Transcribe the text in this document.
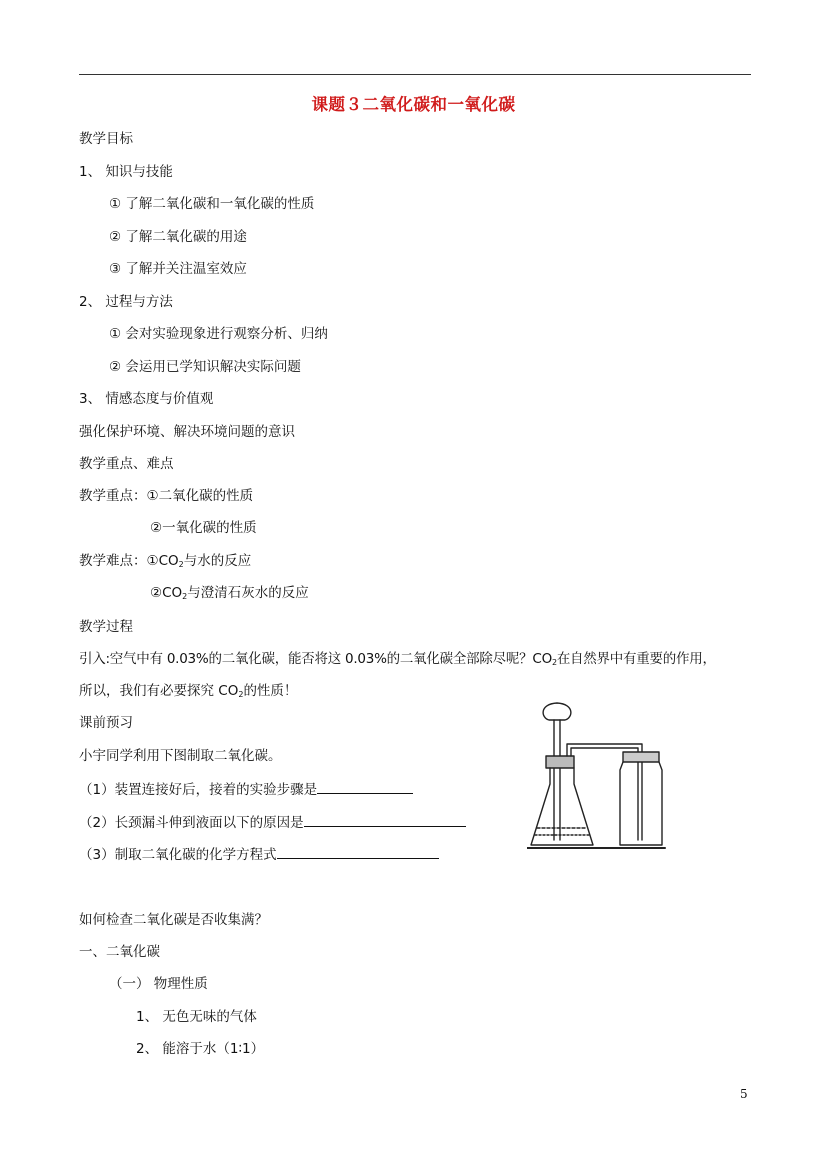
课题３二氧化碳和一氧化碳
教学目标
1、 知识与技能
① 了解二氧化碳和一氧化碳的性质
② 了解二氧化碳的用途
③ 了解并关注温室效应
2、 过程与方法
① 会对实验现象进行观察分析、归纳
② 会运用已学知识解决实际问题
3、 情感态度与价值观
强化保护环境、解决环境问题的意识
教学重点、难点
教学重点：①二氧化碳的性质
②一氧化碳的性质
教学难点：$①CO_2$与水的反应
$②CO_2$与澄清石灰水的反应
教学过程
引入:空气中有 0.03%的二氧化碳，能否将这 0.03%的二氧化碳全部除尽呢？$CO_2$在自然界中有重要的作用，
所以，我们有必要探究 $CO_2$的性质！
课前预习
小宇同学利用下图制取二氧化碳。
（1）装置连接好后，接着的实验步骤是
（2）长颈漏斗伸到液面以下的原因是
（3）制取二氧化碳的化学方程式
如何检查二氧化碳是否收集满？
一、二氧化碳
（一） 物理性质
1、 无色无味的气体
2、 能溶于水（1∶1）
5
